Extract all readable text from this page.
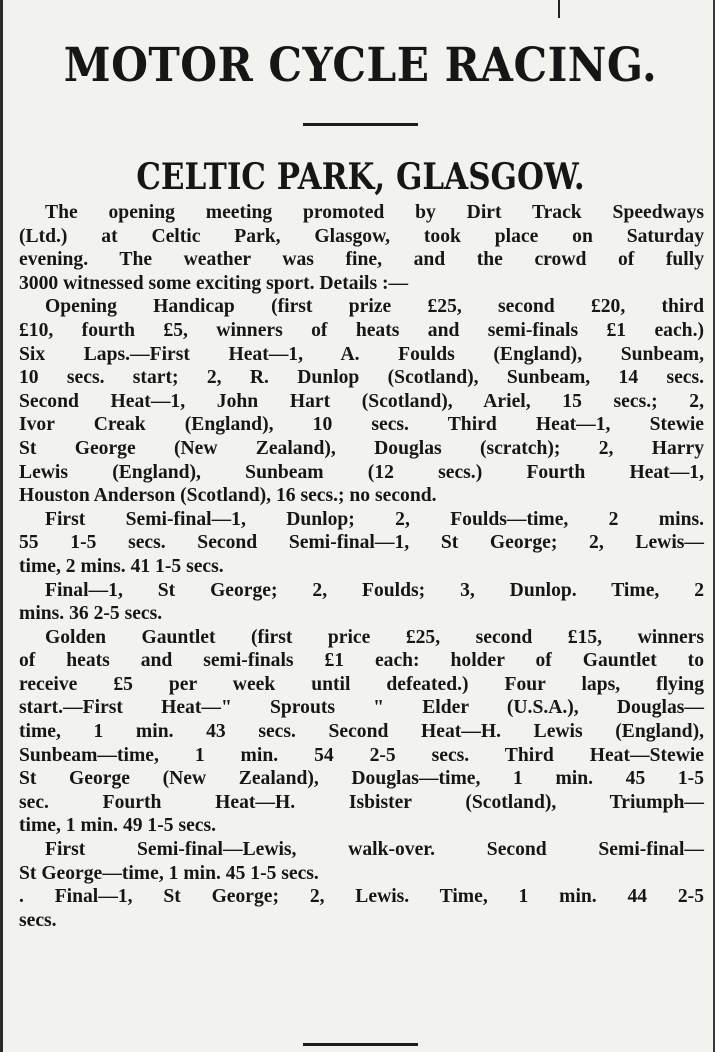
MOTOR CYCLE RACING.
CELTIC PARK, GLASGOW.
The opening meeting promoted by Dirt Track Speedways
(Ltd.) at Celtic Park, Glasgow, took place on Saturday
evening. The weather was fine, and the crowd of fully
3000 witnessed some exciting sport. Details :—
Opening Handicap (first prize £25, second £20, third
£10, fourth £5, winners of heats and semi-finals £1 each.)
Six Laps.—First Heat—1, A. Foulds (England), Sunbeam,
10 secs. start; 2, R. Dunlop (Scotland), Sunbeam, 14 secs.
Second Heat—1, John Hart (Scotland), Ariel, 15 secs.; 2,
Ivor Creak (England), 10 secs. Third Heat—1, Stewie
St George (New Zealand), Douglas (scratch); 2, Harry
Lewis (England), Sunbeam (12 secs.) Fourth Heat—1,
Houston Anderson (Scotland), 16 secs.; no second.
First Semi-final—1, Dunlop; 2, Foulds—time, 2 mins.
55 1-5 secs. Second Semi-final—1, St George; 2, Lewis—
time, 2 mins. 41 1-5 secs.
Final—1, St George; 2, Foulds; 3, Dunlop. Time, 2
mins. 36 2-5 secs.
Golden Gauntlet (first price £25, second £15, winners
of heats and semi-finals £1 each: holder of Gauntlet to
receive £5 per week until defeated.) Four laps, flying
start.—First Heat—" Sprouts " Elder (U.S.A.), Douglas—
time, 1 min. 43 secs. Second Heat—H. Lewis (England),
Sunbeam—time, 1 min. 54 2-5 secs. Third Heat—Stewie
St George (New Zealand), Douglas—time, 1 min. 45 1-5
sec. Fourth Heat—H. Isbister (Scotland), Triumph—
time, 1 min. 49 1-5 secs.
First Semi-final—Lewis, walk-over. Second Semi-final—
St George—time, 1 min. 45 1-5 secs.
. Final—1, St George; 2, Lewis. Time, 1 min. 44 2-5
secs.
